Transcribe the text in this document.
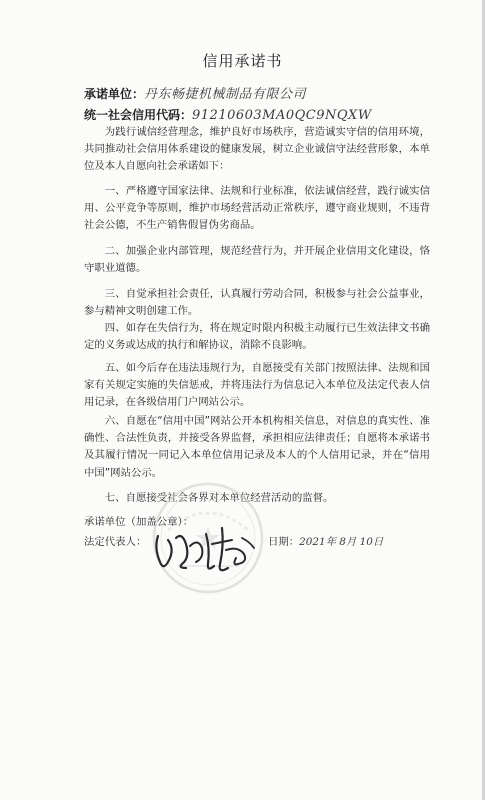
信用承诺书
承诺单位：丹东畅捷机械制品有限公司
统一社会信用代码：91210603MA0QC9NQXW
为践行诚信经营理念，维护良好市场秩序，营造诚实守信的信用环境，共同推动社会信用体系建设的健康发展，树立企业诚信守法经营形象，本单位及本人自愿向社会承诺如下：
一、严格遵守国家法律、法规和行业标准，依法诚信经营，践行诚实信用、公平竞争等原则，维护市场经营活动正常秩序，遵守商业规则，不违背社会公德，不生产销售假冒伪劣商品。
二、加强企业内部管理，规范经营行为，并开展企业信用文化建设，恪守职业道德。
三、自觉承担社会责任，认真履行劳动合同，积极参与社会公益事业，参与精神文明创建工作。
四、如存在失信行为，将在规定时限内积极主动履行已生效法律文书确定的义务或达成的执行和解协议，消除不良影响。
五、如今后存在违法违规行为，自愿接受有关部门按照法律、法规和国家有关规定实施的失信惩戒，并将违法行为信息记入本单位及法定代表人信用记录，在各级信用门户网站公示。
六、自愿在“信用中国”网站公开本机构相关信息，对信息的真实性、准确性、合法性负责，并接受各界监督，承担相应法律责任；自愿将本承诺书及其履行情况一同记入本单位信用记录及本人的个人信用记录，并在“信用中国”网站公示。
七、自愿接受社会各界对本单位经营活动的监督。
承诺单位（加盖公章）：
法定代表人：	日期：2021年 8月 10日
